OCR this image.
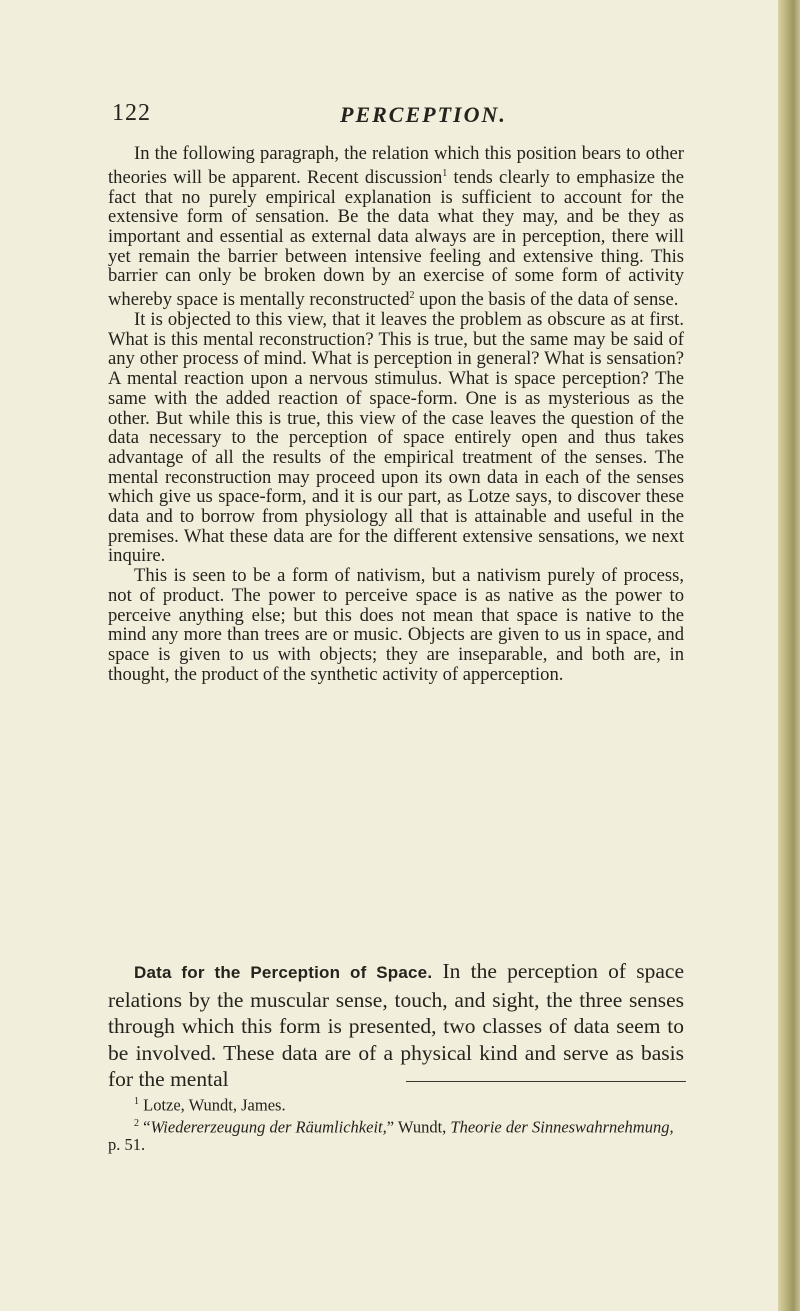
122	PERCEPTION.

In the following paragraph, the relation which this position bears to other theories will be apparent. Recent discussion$^1$ tends clearly to emphasize the fact that no purely empirical explanation is sufficient to account for the extensive form of sensation. Be the data what they may, and be they as important and essential as external data always are in perception, there will yet remain the barrier between intensive feeling and extensive thing. This barrier can only be broken down by an exercise of some form of activity whereby space is mentally reconstructed$^2$ upon the basis of the data of sense.

It is objected to this view, that it leaves the problem as obscure as at first. What is this mental reconstruction? This is true, but the same may be said of any other process of mind. What is perception in general? What is sensation? A mental reaction upon a nervous stimulus. What is space perception? The same with the added reaction of space-form. One is as mysterious as the other. But while this is true, this view of the case leaves the question of the data necessary to the perception of space entirely open and thus takes advantage of all the results of the empirical treatment of the senses. The mental reconstruction may proceed upon its own data in each of the senses which give us space-form, and it is our part, as Lotze says, to discover these data and to borrow from physiology all that is attainable and useful in the premises. What these data are for the different extensive sensations, we next inquire.

This is seen to be a form of nativism, but a nativism purely of process, not of product. The power to perceive space is as native as the power to perceive anything else; but this does not mean that space is native to the mind any more than trees are or music. Objects are given to us in space, and space is given to us with objects; they are inseparable, and both are, in thought, the product of the synthetic activity of apperception.

Data for the Perception of Space. In the perception of space relations by the muscular sense, touch, and sight, the three senses through which this form is presented, two classes of data seem to be involved. These data are of a physical kind and serve as basis for the mental

$^1$ Lotze, Wundt, James.

$^2$ “Wiedererzeugung der Räumlichkeit,” Wundt, Theorie der Sinneswahrnehmung, p. 51.
